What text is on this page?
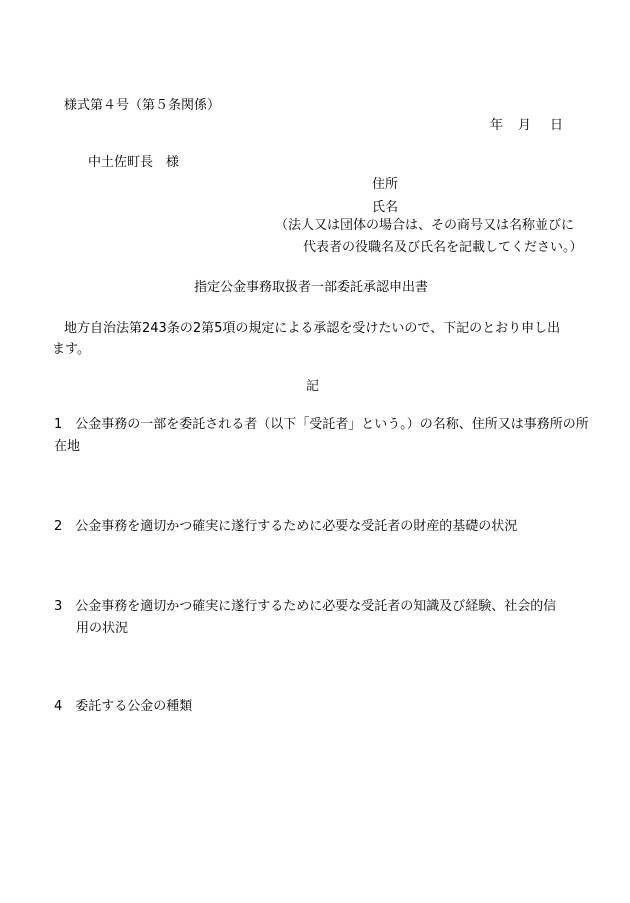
様式第４号（第５条関係）
年 月 日
中土佐町長　様
住所
氏名
（法人又は団体の場合は、その商号又は名称並びに
代表者の役職名及び氏名を記載してください。）
指定公金事務取扱者一部委託承認申出書
地方自治法第243条の2第5項の規定による承認を受けたいので、下記のとおり申し出
ます。
記
1　公金事務の一部を委託される者（以下「受託者」という。）の名称、住所又は事務所の所
在地
2　公金事務を適切かつ確実に遂行するために必要な受託者の財産的基礎の状況
3　公金事務を適切かつ確実に遂行するために必要な受託者の知識及び経験、社会的信
用の状況
4　委託する公金の種類
